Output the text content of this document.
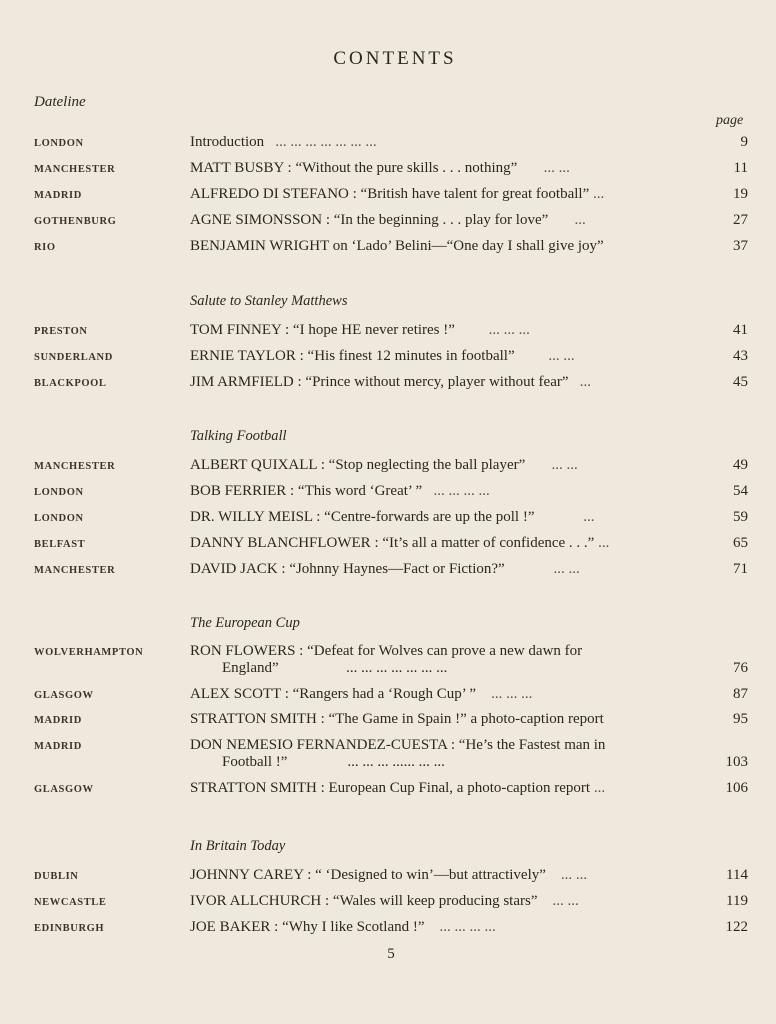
CONTENTS
Dateline
page
LONDON	Introduction ... ... ... ... ... ... ...	9
MANCHESTER	MATT BUSBY : “Without the pure skills . . . nothing” ... ...	11
MADRID	ALFREDO DI STEFANO : “British have talent for great football” ...	19
GOTHENBURG	AGNE SIMONSSON : “In the beginning . . . play for love” ...	27
RIO	BENJAMIN WRIGHT on ‘Lado’ Belini—“One day I shall give joy”	37
Salute to Stanley Matthews
PRESTON	TOM FINNEY : “I hope HE never retires !” ... ... ...	41
SUNDERLAND	ERNIE TAYLOR : “His finest 12 minutes in football” ... ...	43
BLACKPOOL	JIM ARMFIELD : “Prince without mercy, player without fear” ...	45
Talking Football
MANCHESTER	ALBERT QUIXALL : “Stop neglecting the ball player” ... ...	49
LONDON	BOB FERRIER : “This word ‘Great’ ” ... ... ... ...	54
LONDON	DR. WILLY MEISL : “Centre-forwards are up the poll !”	...	59
BELFAST	DANNY BLANCHFLOWER : “It’s all a matter of confidence . . .” ...	65
MANCHESTER	DAVID JACK : “Johnny Haynes—Fact or Fiction?”	... ...	71
The European Cup
WOLVERHAMPTON	RON FLOWERS : “Defeat for Wolves can prove a new dawn for
England”	... ... ... ... ... ... ...	76
GLASGOW	ALEX SCOTT : “Rangers had a ‘Rough Cup’ ” ... ... ...	87
MADRID	STRATTON SMITH : “The Game in Spain !” a photo-caption report	95
MADRID	DON NEMESIO FERNANDEZ-CUESTA : “He’s the Fastest man in
Football !”	... ... ... ...... ... ...	103
GLASGOW	STRATTON SMITH : European Cup Final, a photo-caption report ...	106
In Britain Today
DUBLIN	JOHNNY CAREY : “ ‘Designed to win’—but attractively” ... ...	114
NEWCASTLE	IVOR ALLCHURCH : “Wales will keep producing stars” ... ...	119
EDINBURGH	JOE BAKER : “Why I like Scotland !” ... ... ... ...	122
5
